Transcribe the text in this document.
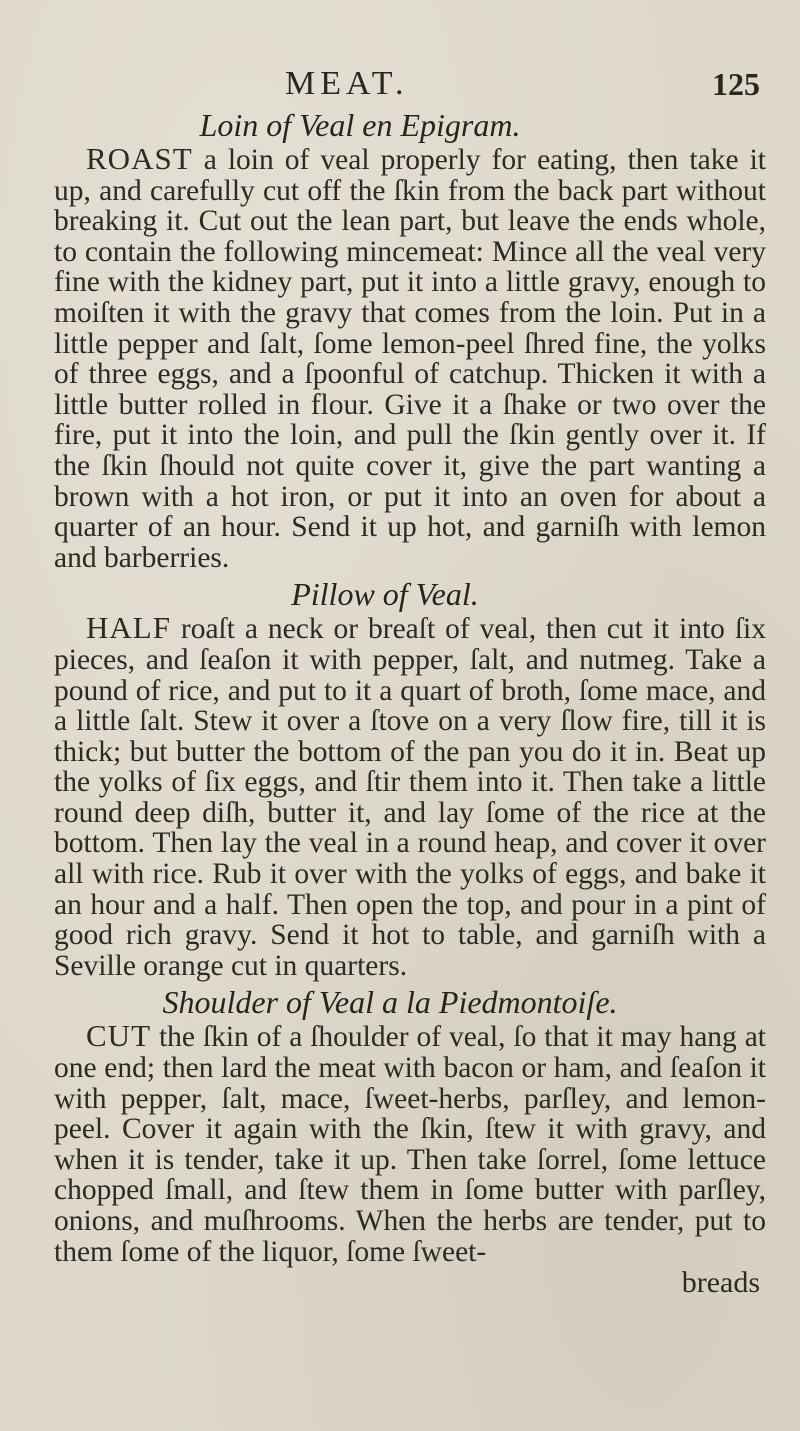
MEAT.	125

Loin of Veal en Epigram.

ROAST a loin of veal properly for eating, then take it up, and carefully cut off the ſkin from the back part without breaking it. Cut out the lean part, but leave the ends whole, to contain the following mincemeat: Mince all the veal very fine with the kidney part, put it into a little gravy, enough to moiſten it with the gravy that comes from the loin. Put in a little pepper and ſalt, ſome lemon-peel ſhred fine, the yolks of three eggs, and a ſpoonful of catchup. Thicken it with a little butter rolled in flour. Give it a ſhake or two over the fire, put it into the loin, and pull the ſkin gently over it. If the ſkin ſhould not quite cover it, give the part wanting a brown with a hot iron, or put it into an oven for about a quarter of an hour. Send it up hot, and garniſh with lemon and barberries.

Pillow of Veal.

HALF roaſt a neck or breaſt of veal, then cut it into ſix pieces, and ſeaſon it with pepper, ſalt, and nutmeg. Take a pound of rice, and put to it a quart of broth, ſome mace, and a little ſalt. Stew it over a ſtove on a very ſlow fire, till it is thick; but butter the bottom of the pan you do it in. Beat up the yolks of ſix eggs, and ſtir them into it. Then take a little round deep diſh, butter it, and lay ſome of the rice at the bottom. Then lay the veal in a round heap, and cover it over all with rice. Rub it over with the yolks of eggs, and bake it an hour and a half. Then open the top, and pour in a pint of good rich gravy. Send it hot to table, and garniſh with a Seville orange cut in quarters.

Shoulder of Veal a la Piedmontoiſe.

CUT the ſkin of a ſhoulder of veal, ſo that it may hang at one end; then lard the meat with bacon or ham, and ſeaſon it with pepper, ſalt, mace, ſweet-herbs, parſley, and lemon-peel. Cover it again with the ſkin, ſtew it with gravy, and when it is tender, take it up. Then take ſorrel, ſome lettuce chopped ſmall, and ſtew them in ſome butter with parſley, onions, and muſhrooms. When the herbs are tender, put to them ſome of the liquor, ſome ſweet-

breads
